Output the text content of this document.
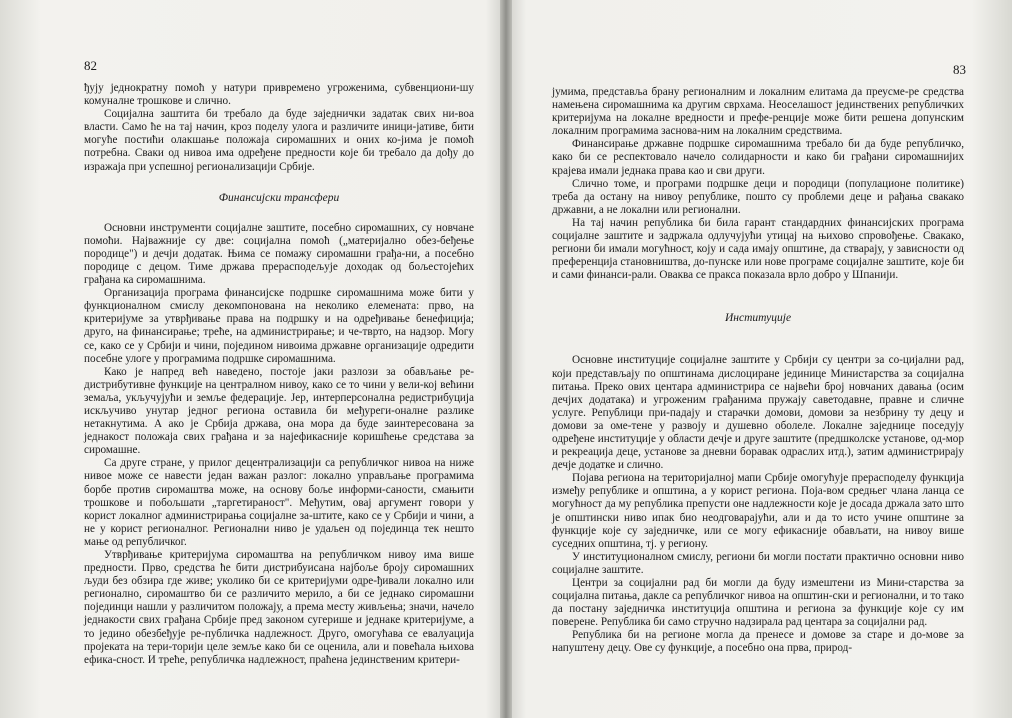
82

ђују једнократну помоћ у натури привремено угроженима, субвенциони-шу комуналне трошкове и слично.

Социјална заштита би требало да буде заједнички задатак свих ни-воа власти. Само ће на тај начин, кроз поделу улога и различите иници-јативе, бити могуће постићи олакшање положаја сиромашних и оних ко-јима је помоћ потребна. Сваки од нивоа има одређене предности које би требало да дођу до изражаја при успешној регионализацији Србије.

Финансијски трансфери

Основни инструменти социјалне заштите, посебно сиромашних, су новчане помоћи. Најважније су две: социјална помоћ („материјално обез-беђење породице") и дечји додатак. Њима се помажу сиромашни грађа-ни, а посебно породице с децом. Тиме држава прерасподељује доходак од бољестојећих грађана ка сиромашнима.

Организација програма финансијске подршке сиромашнима може бити у функционалном смислу декомпонована на неколико елемената: прво, на критеријуме за утврђивање права на подршку и на одређивање бенефиција; друго, на финансирање; треће, на администрирање; и че-тврто, на надзор. Могу се, како се у Србији и чини, поједином нивоима државне организације одредити посебне улоге у програмима подршке сиромашнима.

Како је напред већ наведено, постоје јаки разлози за обављање ре-дистрибутивне функције на централном нивоу, како се то чини у вели-кој већини земаља, укључујући и земље федерације. Јер, интерперсонална редистрибуција искључиво унутар једног региона оставила би међуреги-оналне разлике нетакнутима. А ако је Србија држава, она мора да буде заинтересована за једнакост положаја свих грађана и за најефикасније коришћење средстава за сиромашне.

Са друге стране, у прилог децентрализацији са републичког нивоа на ниже нивое може се навести један важан разлог: локално управљање програмима борбе против сиромаштва може, на основу боље информи-саности, смањити трошкове и побољшати „таргетираност". Међутим, овај аргумент говори у корист локалног администрирања социјалне за-штите, како се у Србији и чини, а не у корист регионалног. Регионални ниво је удаљен од појединца тек нешто мање од републичког.

Утврђивање критеријума сиромаштва на републичком нивоу има више предности. Прво, средства ће бити дистрибуисана најбоље броју сиромашних људи без обзира где живе; уколико би се критеријуми одре-ђивали локално или регионално, сиромаштво би се различито мерило, а би се једнако сиромашни појединци нашли у различитом положају, а према месту живљења; значи, начело једнакости свих грађана Србије пред законом сугерише и једнаке критеријуме, а то једино обезбеђује ре-публичка надлежност. Друго, омогућава се евалуација пројеката на тери-торији целе земље како би се оценила, али и повећала њихова ефика-сност. И треће, републичка надлежност, праћена јединственим критери-

83

јумима, представља брану регионалним и локалним елитама да преусме-ре средства намењена сиромашнима ка другим сврхама. Неоселашост јединствених републичких критеријума на локалне вредности и префе-ренције може бити решена допунским локалним програмима заснова-ним на локалним средствима.

Финансирање државне подршке сиромашнима требало би да буде републичко, како би се респектовало начело солидарности и како би грађани сиромашнијих крајева имали једнака права као и сви други.

Слично томе, и програми подршке деци и породици (популационе политике) треба да остану на нивоу републике, пошто су проблеми деце и рађања свакако државни, а не локални или регионални.

На тај начин република би била гарант стандардних финансијских програма социјалне заштите и задржала одлучујући утицај на њихово спровођење. Свакако, региони би имали могућност, коју и сада имају општине, да стварају, у зависности од преференција становништва, до-пунске или нове програме социјалне заштите, које би и сами финанси-рали. Оваква се пракса показала врло добро у Шпанији.

Институције

Основне институције социјалне заштите у Србији су центри за со-цијални рад, који представљају по општинама дислоциране јединице Министарства за социјална питања. Преко ових центара администрира се највећи број новчаних давања (осим дечјих додатака) и угроженим грађанима пружају саветодавне, правне и сличне услуге. Републици при-падају и старачки домови, домови за незбрину ту децу и домови за оме-тене у развоју и душевно оболеле. Локалне заједнице поседују одређене институције у области дечје и друге заштите (предшколске установе, од-мор и рекреација деце, установе за дневни боравак одраслих итд.), затим администрирају дечје додатке и слично.

Појава региона на територијалној мапи Србије омогућује прерасподелу функција између републике и општина, а у корист региона. Поја-вом средњег члана ланца се могућност да му република препусти оне надлежности које је досада држала зато што је општински ниво ипак био неодговарајући, али и да то исто учине општине за функције које су заједничке, или се могу ефикасније обављати, на нивоу више суседних општина, тј. у региону.

У институционалном смислу, региони би могли постати практично основни ниво социјалне заштите.

Центри за социјални рад би могли да буду измештени из Мини-старства за социјална питања, дакле са републичког нивоа на општин-ски и регионални, и то тако да постану заједничка институција општина и региона за функције које су им поверене. Република би само стручно надзирала рад центара за социјални рад.

Република би на регионе могла да пренесе и домове за старе и до-мове за напуштену децу. Ове су функције, а посебно она прва, природ-
